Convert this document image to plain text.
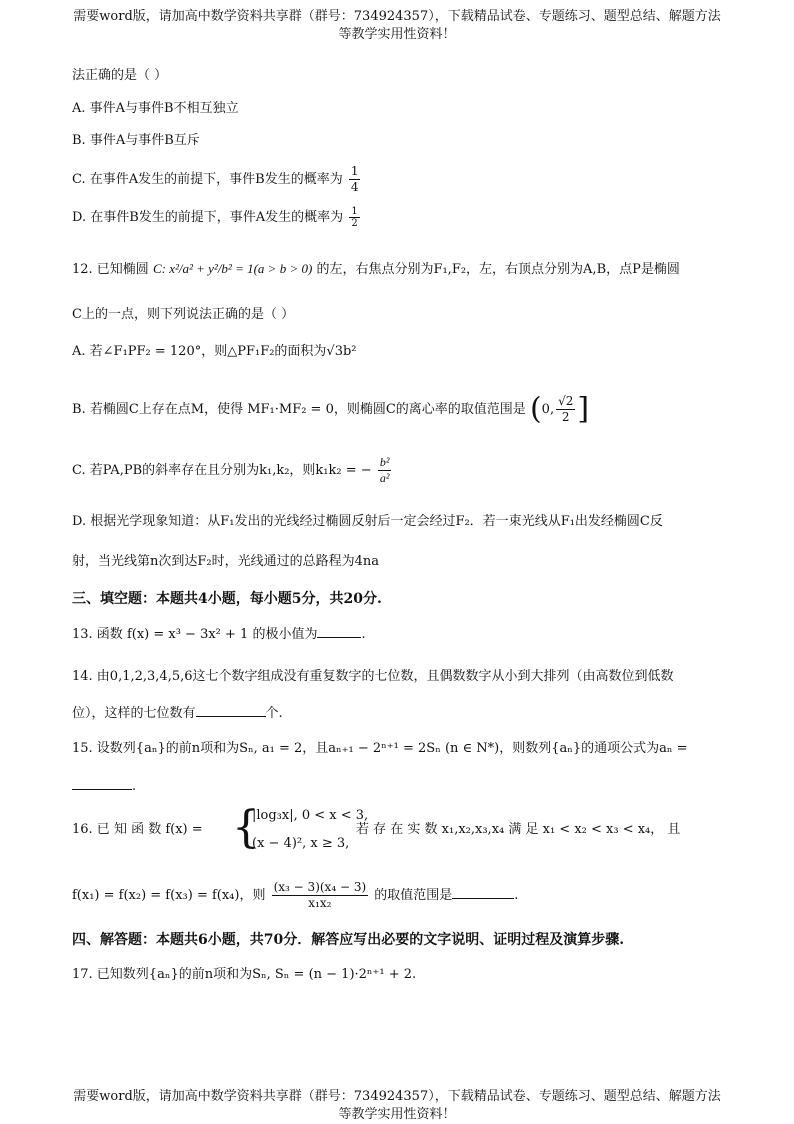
需要word版，请加高中数学资料共享群（群号：734924357），下载精品试卷、专题练习、题型总结、解题方法
等教学实用性资料！
法正确的是（ ）
A. 事件A与事件B不相互独立
B. 事件A与事件B互斥
C. 在事件A发生的前提下，事件B发生的概率为 $\frac{1}{4}$
D. 在事件B发生的前提下，事件A发生的概率为 $\frac{1}{2}$
12. 已知椭圆 C: x²/a² + y²/b² = 1(a > b > 0) 的左，右焦点分别为F₁,F₂，左，右顶点分别为A,B，点P是椭圆
C上的一点，则下列说法正确的是（ ）
A. 若∠F₁PF₂ = 120°，则△PF₁F₂的面积为√3b²
B. 若椭圆C上存在点M，使得 MF₁·MF₂ = 0，则椭圆C的离心率的取值范围是 (0, $\frac{√2}{2}$ ]
C. 若PA,PB的斜率存在且分别为k₁,k₂，则k₁k₂ = − $\frac{\text{b²}}{\text{a²}}$
D. 根据光学现象知道：从F₁发出的光线经过椭圆反射后一定会经过F₂．若一束光线从F₁出发经椭圆C反
射，当光线第n次到达F₂时，光线通过的总路程为4na
三、填空题：本题共4小题，每小题5分，共20分.
13. 函数 f(x) = x³ − 3x² + 1 的极小值为	.
14. 由0,1,2,3,4,5,6这七个数字组成没有重复数字的七位数，且偶数数字从小到大排列（由高数位到低数
位），这样的七位数有	个.
15. 设数列{aₙ}的前n项和为Sₙ, a₁ = 2，且aₙ₊₁ − 2ⁿ⁺¹ = 2Sₙ (n ∈ N*)，则数列{aₙ}的通项公式为aₙ =
.
16. 已 知 函 数 f(x) = {
|log₃x|, 0 < x < 3,
(x − 4)², x ≥ 3,
若 存 在 实 数 x₁,x₂,x₃,x₄ 满 足 x₁ < x₂ < x₃ < x₄， 且
f(x₁) = f(x₂) = f(x₃) = f(x₄)，则 $\frac{\text{(x₃ − 3)(x₄ − 3)}}{\text{x₁x₂}}$ 的取值范围是	.
四、解答题：本题共6小题，共70分．解答应写出必要的文字说明、证明过程及演算步骤.
17. 已知数列{aₙ}的前n项和为Sₙ, Sₙ = (n − 1)·2ⁿ⁺¹ + 2.
需要word版，请加高中数学资料共享群（群号：734924357），下载精品试卷、专题练习、题型总结、解题方法
等教学实用性资料！
